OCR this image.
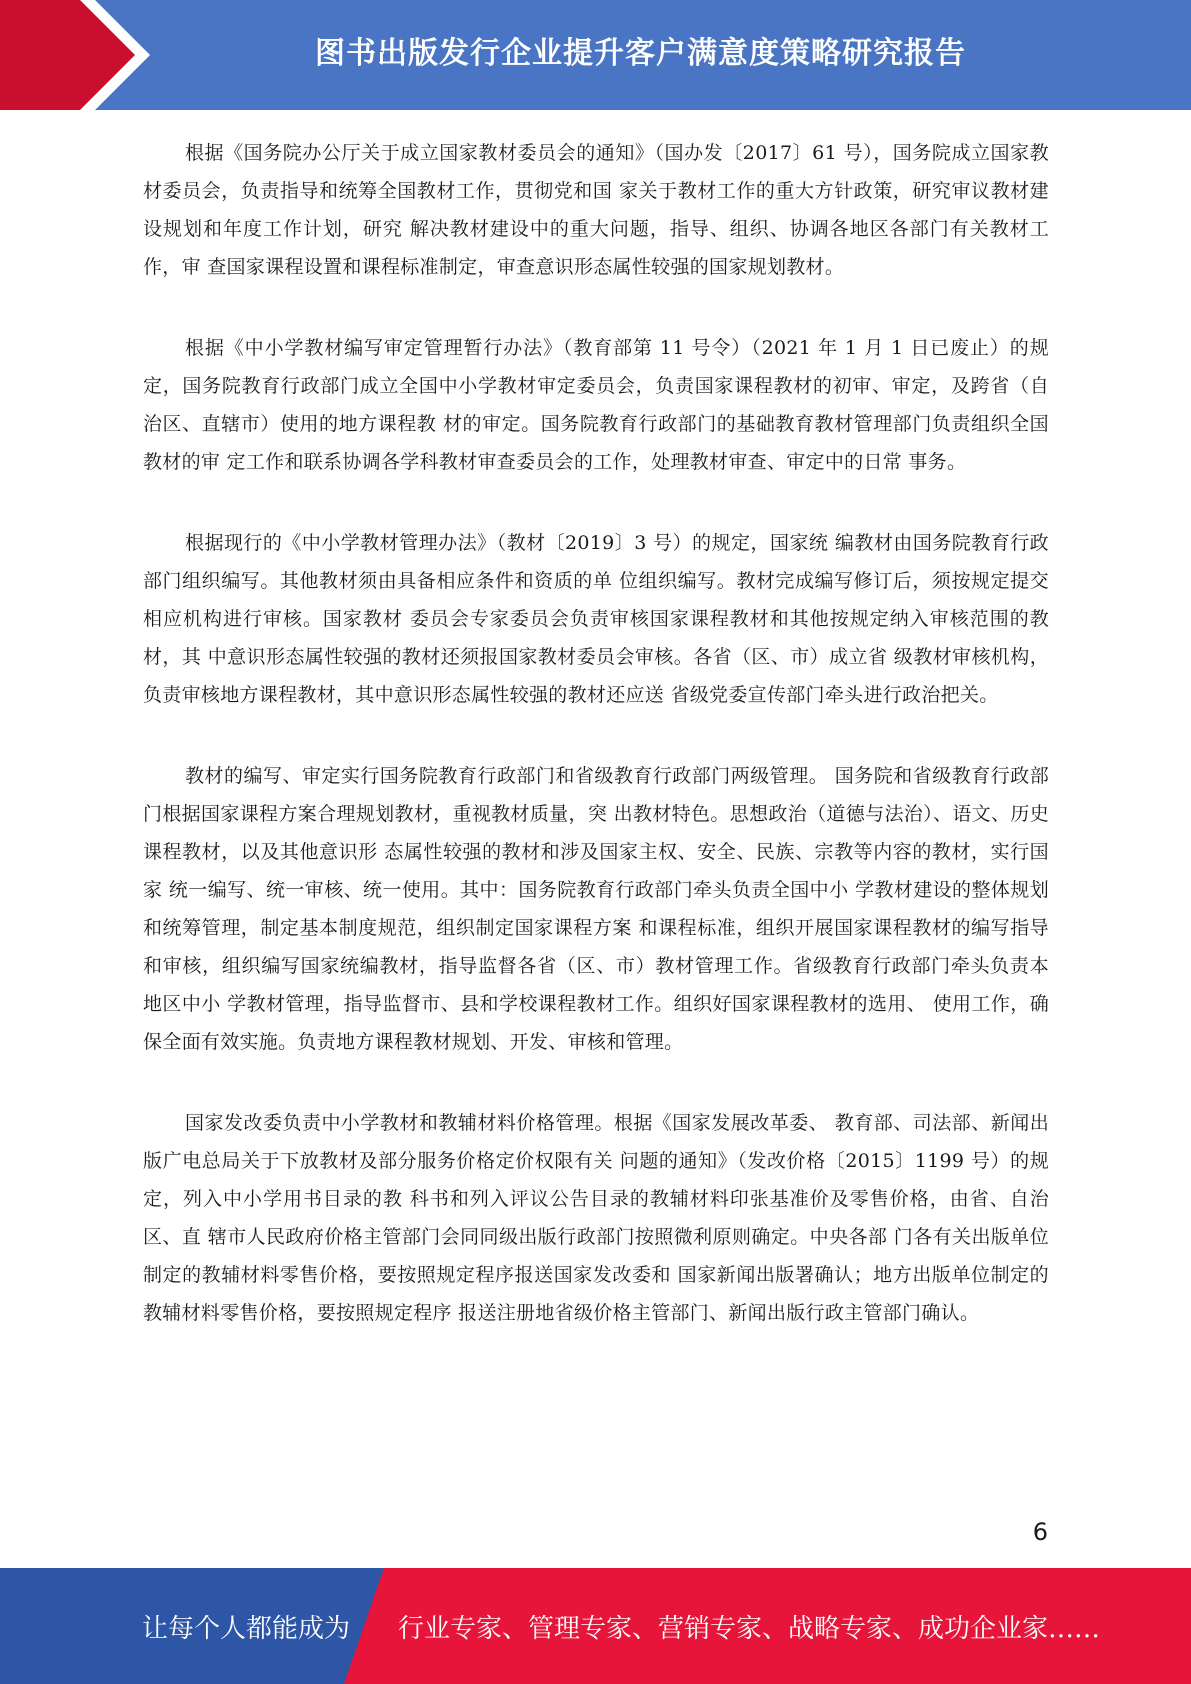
图书出版发行企业提升客户满意度策略研究报告

根据《国务院办公厅关于成立国家教材委员会的通知》（国办发〔2017〕61 号），国务院成立国家教材委员会，负责指导和统筹全国教材工作，贯彻党和国 家关于教材工作的重大方针政策，研究审议教材建设规划和年度工作计划，研究 解决教材建设中的重大问题，指导、组织、协调各地区各部门有关教材工作，审 查国家课程设置和课程标准制定，审查意识形态属性较强的国家规划教材。

根据《中小学教材编写审定管理暂行办法》（教育部第 11 号令）（2021 年 1 月 1 日已废止）的规定，国务院教育行政部门成立全国中小学教材审定委员会，负责国家课程教材的初审、审定，及跨省（自治区、直辖市）使用的地方课程教 材的审定。国务院教育行政部门的基础教育教材管理部门负责组织全国教材的审 定工作和联系协调各学科教材审查委员会的工作，处理教材审查、审定中的日常 事务。

根据现行的《中小学教材管理办法》（教材〔2019〕3 号）的规定，国家统 编教材由国务院教育行政部门组织编写。其他教材须由具备相应条件和资质的单 位组织编写。教材完成编写修订后，须按规定提交相应机构进行审核。国家教材 委员会专家委员会负责审核国家课程教材和其他按规定纳入审核范围的教材，其 中意识形态属性较强的教材还须报国家教材委员会审核。各省（区、市）成立省 级教材审核机构，负责审核地方课程教材，其中意识形态属性较强的教材还应送 省级党委宣传部门牵头进行政治把关。

教材的编写、审定实行国务院教育行政部门和省级教育行政部门两级管理。 国务院和省级教育行政部门根据国家课程方案合理规划教材，重视教材质量，突 出教材特色。思想政治（道德与法治）、语文、历史课程教材，以及其他意识形 态属性较强的教材和涉及国家主权、安全、民族、宗教等内容的教材，实行国家 统一编写、统一审核、统一使用。其中：国务院教育行政部门牵头负责全国中小 学教材建设的整体规划和统筹管理，制定基本制度规范，组织制定国家课程方案 和课程标准，组织开展国家课程教材的编写指导和审核，组织编写国家统编教材，指导监督各省（区、市）教材管理工作。省级教育行政部门牵头负责本地区中小 学教材管理，指导监督市、县和学校课程教材工作。组织好国家课程教材的选用、 使用工作，确保全面有效实施。负责地方课程教材规划、开发、审核和管理。

国家发改委负责中小学教材和教辅材料价格管理。根据《国家发展改革委、 教育部、司法部、新闻出版广电总局关于下放教材及部分服务价格定价权限有关 问题的通知》（发改价格〔2015〕1199 号）的规定，列入中小学用书目录的教 科书和列入评议公告目录的教辅材料印张基准价及零售价格，由省、自治区、直 辖市人民政府价格主管部门会同同级出版行政部门按照微利原则确定。中央各部 门各有关出版单位制定的教辅材料零售价格，要按照规定程序报送国家发改委和 国家新闻出版署确认；地方出版单位制定的教辅材料零售价格，要按照规定程序 报送注册地省级价格主管部门、新闻出版行政主管部门确认。

6
让每个人都能成为 行业专家、管理专家、营销专家、战略专家、成功企业家……
